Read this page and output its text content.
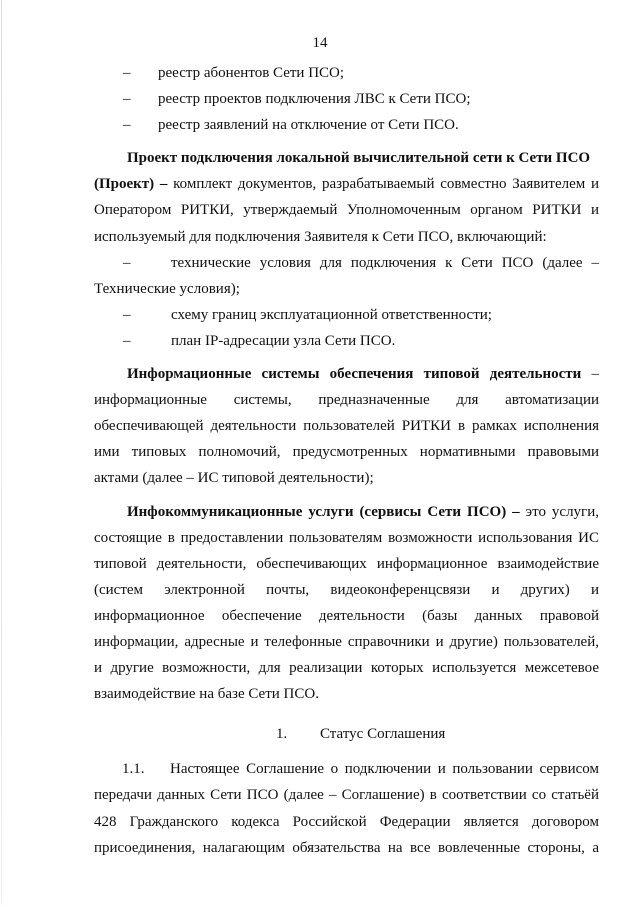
14
– реестр абонентов Сети ПСО;
– реестр проектов подключения ЛВС к Сети ПСО;
– реестр заявлений на отключение от Сети ПСО.
Проект подключения локальной вычислительной сети к Сети ПСО
(Проект) – комплект документов, разрабатываемый совместно Заявителем и
Оператором РИТКИ, утверждаемый Уполномоченным органом РИТКИ и
используемый для подключения Заявителя к Сети ПСО, включающий:
–	технические условия для подключения к Сети ПСО (далее –
Технические условия);
–	схему границ эксплуатационной ответственности;
–	план IP-адресации узла Сети ПСО.
Информационные системы обеспечения типовой деятельности –
информационные системы, предназначенные для автоматизации
обеспечивающей деятельности пользователей РИТКИ в рамках исполнения
ими типовых полномочий, предусмотренных нормативными правовыми
актами (далее – ИС типовой деятельности);
Инфокоммуникационные услуги (сервисы Сети ПСО) – это услуги,
состоящие в предоставлении пользователям возможности использования ИС
типовой деятельности, обеспечивающих информационное взаимодействие
(систем электронной почты, видеоконференцсвязи и других) и
информационное обеспечение деятельности (базы данных правовой
информации, адресные и телефонные справочники и другие) пользователей,
и другие возможности, для реализации которых используется межсетевое
взаимодействие на базе Сети ПСО.
1. Статус Соглашения
1.1.	Настоящее Соглашение о подключении и пользовании сервисом
передачи данных Сети ПСО (далее – Соглашение) в соответствии со статьёй
428 Гражданского кодекса Российской Федерации является договором
присоединения, налагающим обязательства на все вовлеченные стороны, а
